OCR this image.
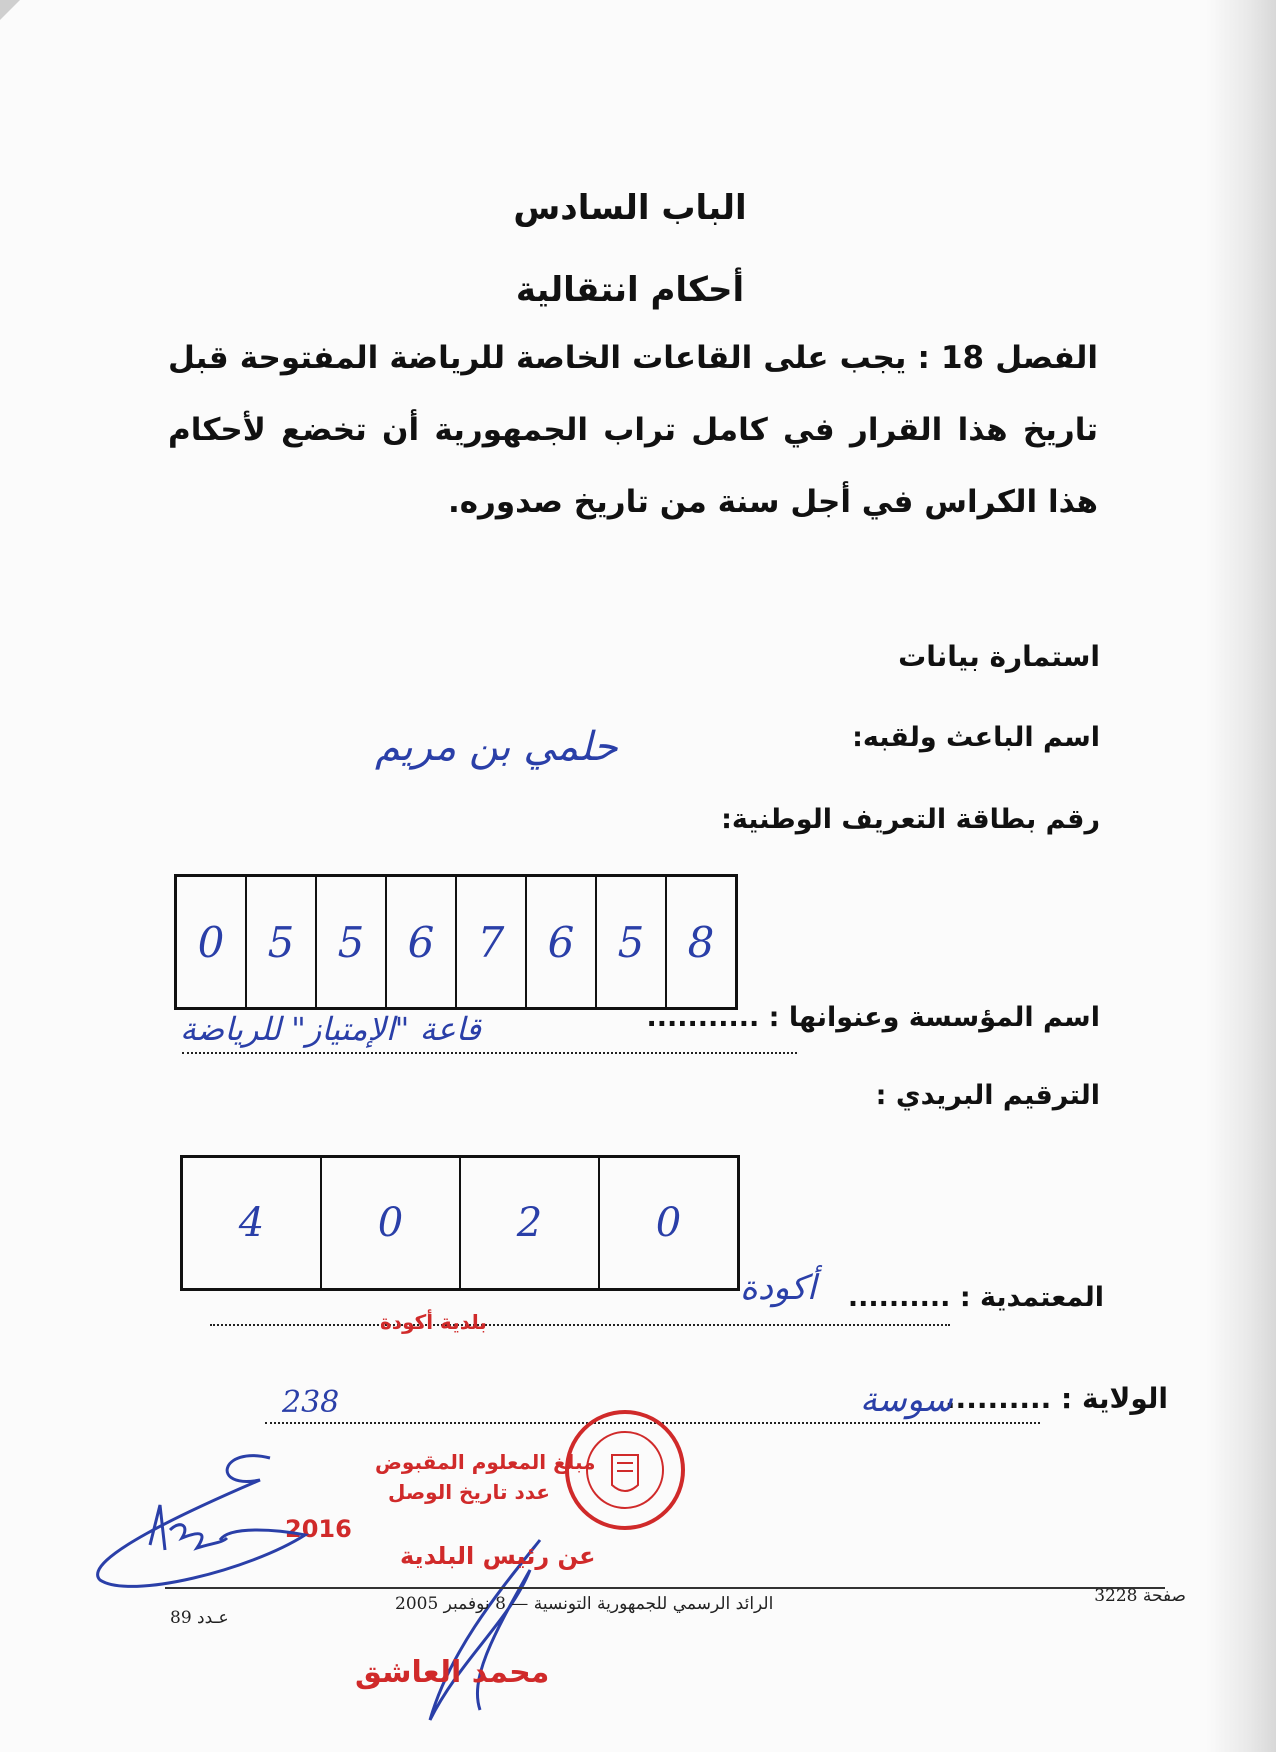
الباب السادس
أحكام انتقالية
الفصل 18 : يجب على القاعات الخاصة للرياضة المفتوحة قبل تاريخ هذا القرار في كامل تراب الجمهورية أن تخضع لأحكام هذا الكراس في أجل سنة من تاريخ صدوره.
استمارة بيانات
اسم الباعث ولقبه:
حلمي بن مريم
رقم بطاقة التعريف الوطنية:
0 5 5 6 7 6 5 8
اسم المؤسسة وعنوانها : ...........
قاعة "الإمتياز" للرياضة
الترقيم البريدي :
4	0	2	0
المعتمدية : ..........
أكودة
الولاية : ..........
سوسة
بلدية أكودة
مبلغ المعلوم المقبوض
عدد تاريخ الوصل
2016
238
عن رئيس البلدية
محمد العاشق
صفحة 3228
الرائد الرسمي للجمهورية التونسية — 8 نوفمبر 2005
عـدد 89
